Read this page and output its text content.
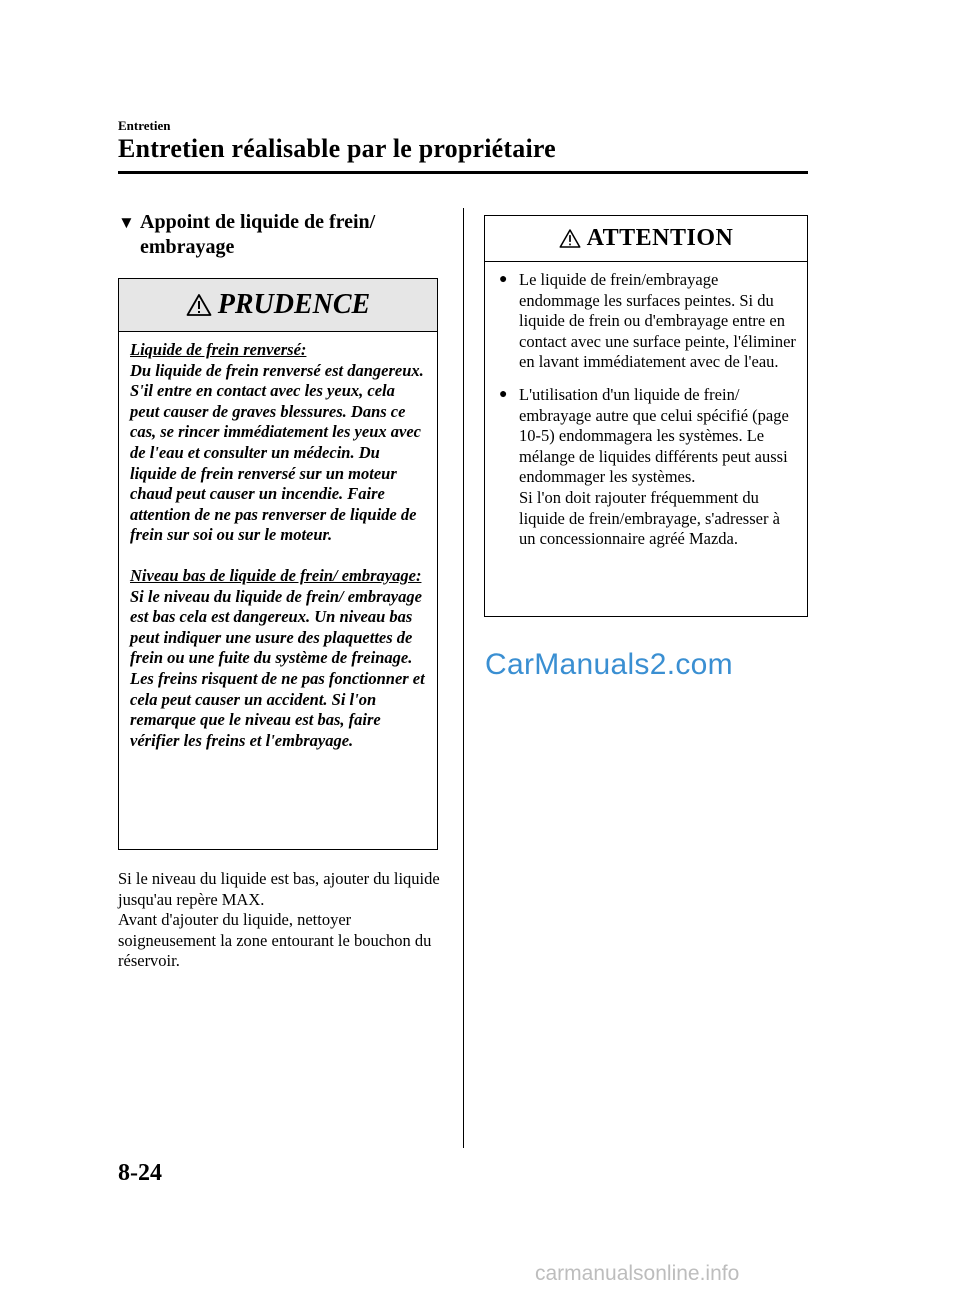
Entretien
Entretien réalisable par le propriétaire
▼ Appoint de liquide de frein/
embrayage
PRUDENCE

Liquide de frein renversé:

Du liquide de frein renversé est dangereux. S'il entre en contact avec les yeux, cela peut causer de graves blessures. Dans ce cas, se rincer immédiatement les yeux avec de l'eau et consulter un médecin. Du liquide de frein renversé sur un moteur chaud peut causer un incendie. Faire attention de ne pas renverser de liquide de frein sur soi ou sur le moteur.

Niveau bas de liquide de frein/ embrayage:

Si le niveau du liquide de frein/ embrayage est bas cela est dangereux. Un niveau bas peut indiquer une usure des plaquettes de frein ou une fuite du système de freinage. Les freins risquent de ne pas fonctionner et cela peut causer un accident. Si l'on remarque que le niveau est bas, faire vérifier les freins et l'embrayage.

Si le niveau du liquide est bas, ajouter du liquide jusqu'au repère MAX.

Avant d'ajouter du liquide, nettoyer soigneusement la zone entourant le bouchon du réservoir.

ATTENTION
● Le liquide de frein/embrayage endommage les surfaces peintes. Si du liquide de frein ou d'embrayage entre en contact avec une surface peinte, l'éliminer en lavant immédiatement avec de l'eau.
● L'utilisation d'un liquide de frein/ embrayage autre que celui spécifié (page 10-5) endommagera les systèmes. Le mélange de liquides différents peut aussi endommager les systèmes.
Si l'on doit rajouter fréquemment du liquide de frein/embrayage, s'adresser à un concessionnaire agréé Mazda.
CarManuals2.com
8-24
carmanualsonline.info
